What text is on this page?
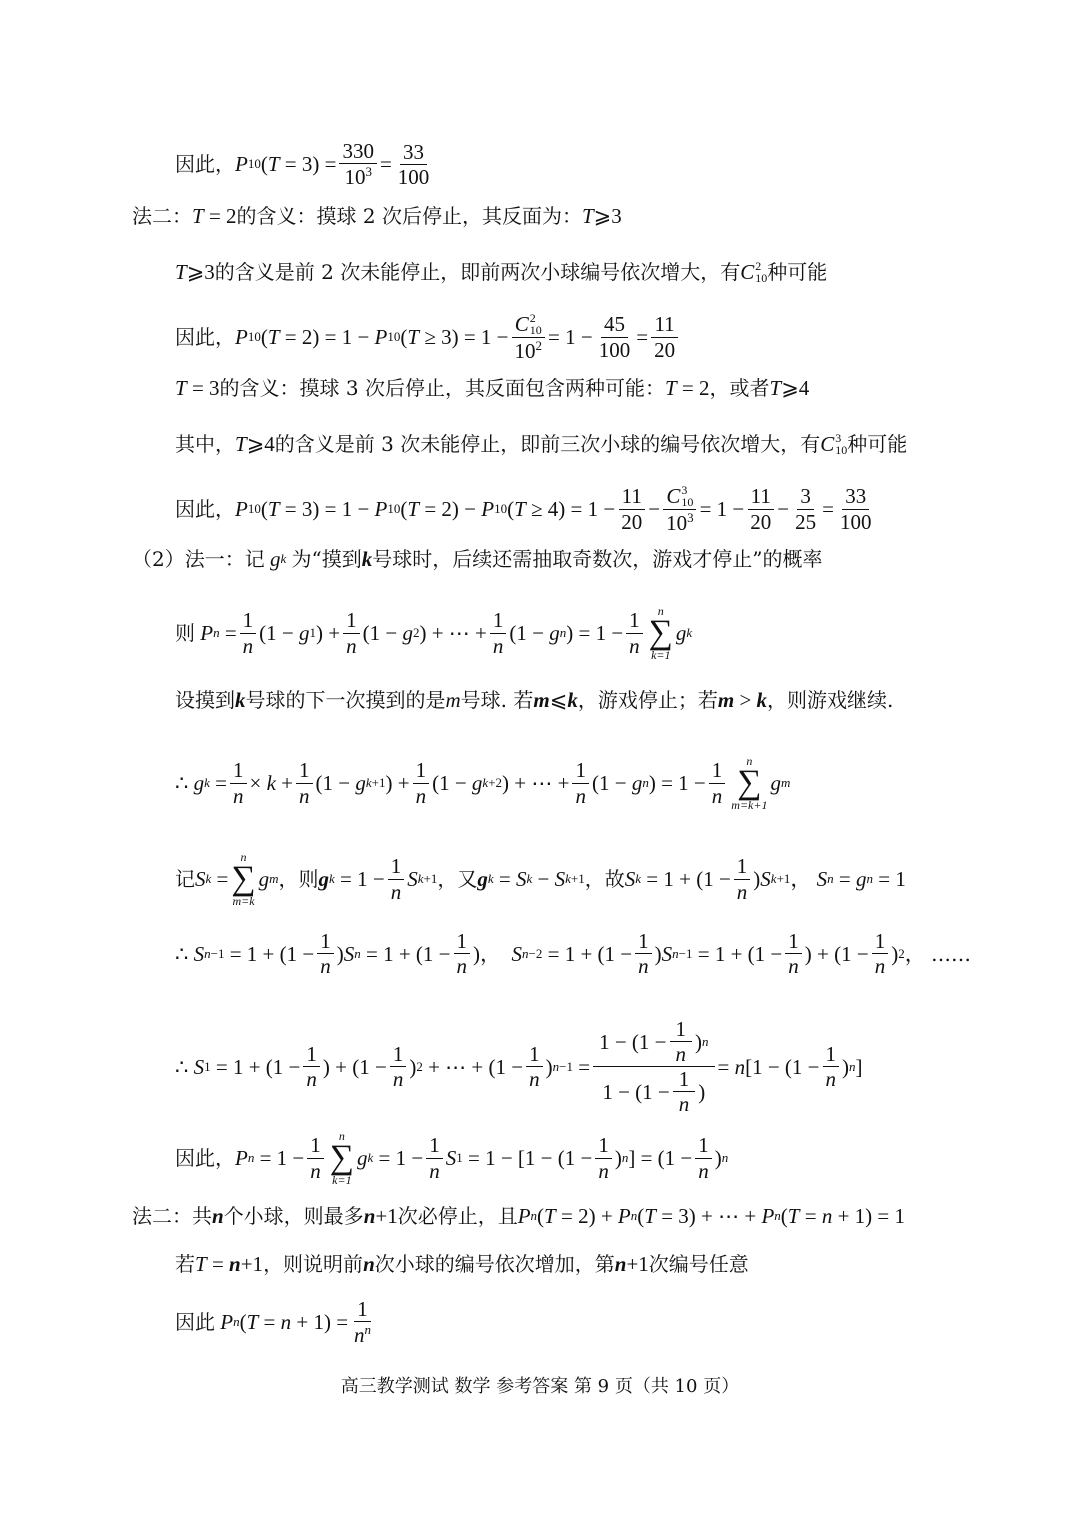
因此， P 10 ( $T = 3) = \frac{330}{10^3} = \frac{33}{100}$
法二： T = 2 的含义：摸球 2 次后停止，其反面为： T ⩾3
T ⩾3 的含义是前 2 次未能停止，即前两次小球编号依次增大，有 C 2
10 种可能
因此， P 10 ( T = 2) = 1 − P 10 ( T ≥ 3) = 1 − C 2
10
$10^2 = 1 - \frac{45}{100} = \frac{11}{20}$
T = 3 的含义：摸球 3 次后停止，其反面包含两种可能： T = 2 ，或者 T ⩾4
其中， T ⩾4 的含义是前 3 次未能停止，即前三次小球的编号依次增大，有 C 3
10 种可能
因此， P 10 ( T = 3) = 1 − P 10 ( T = 2) − P 10 ( $T \ge 4) = 1 - \frac{11}{20} - C$ 3
10
$10^3 = 1 - \frac{11}{20} - \frac{3}{25} = \frac{33}{100}$
（2）法一：记
g k
为“摸到 k 号球时，后续还需抽取奇数次，游戏才停止”的概率
则
P $n = \frac{1}{n} (1 - g$ 1 ) + $\frac{1}{n} (1 - g$ 2 ) + ⋯ + $\frac{1}{n} (1 - g$ n ) = $1 - \frac{1}{n}$ n
∑
k=1
g k
设摸到 k 号球的下一次摸到的是 m 号球. 若 m ⩽ k ，游戏停止；若 m > k ，则游戏继续.
∴ g $k = \frac{1}{n} \times k + \frac{1}{n} (1 - g$ k+1 ) + $\frac{1}{n} (1 - g$ k+2 ) + ⋯ + $\frac{1}{n} (1 - g$ n ) = $1 - \frac{1}{n}$ n
∑
m=k+1
g m
记 S k =
n
∑
m=k
g m ，则 g $k = 1 - \frac{1}{n}$ S k+1 ，又 g k = S k − S k+1 ，故 S $k = 1 + (1 - \frac{1}{n}$ ) S k+1 ， S n = g n = 1
∴ S $n-1 = 1 + (1 - \frac{1}{n}$ ) S $n = 1 + (1 - \frac{1}{n}$ )， S $n-2 = 1 + (1 - \frac{1}{n}$ ) S $n-1 = 1 + (1 - \frac{1}{n}$ ) + ($1 - \frac{1}{n}$ ) 2 ， ……
∴ S $1 = 1 + (1 - \frac{1}{n}$ ) + ($1 - \frac{1}{n}$ ) 2 + ⋯ + ($1 - \frac{1}{n}$ ) $n-1 = \frac{1 - (1 - \frac{1}{n} ) n}{1 - (1 - \frac{1}{n} )} = n$ [$1 - (1 - \frac{1}{n}$ ) n ]
因此， P $n = 1 - \frac{1}{n}$ n
∑
k=1
g $k = 1 - \frac{1}{n}$ S $1 = 1 - [1 - (1 - \frac{1}{n}$ ) n ] = ($1 - \frac{1}{n}$ ) n
法二：共 n 个小球，则最多 n +1 次必停止，且 P n ( T = 2) + P n ( T = 3) + ⋯ + P n ( T = n + 1) = 1
若 T = n +1 ，则说明前 n 次小球的编号依次增加，第 n +1 次编号任意
因此
P n ( $T = n + 1) = \frac{1}{n^n}$
高三教学测试 数学 参考答案 第 9 页（共 10 页）
